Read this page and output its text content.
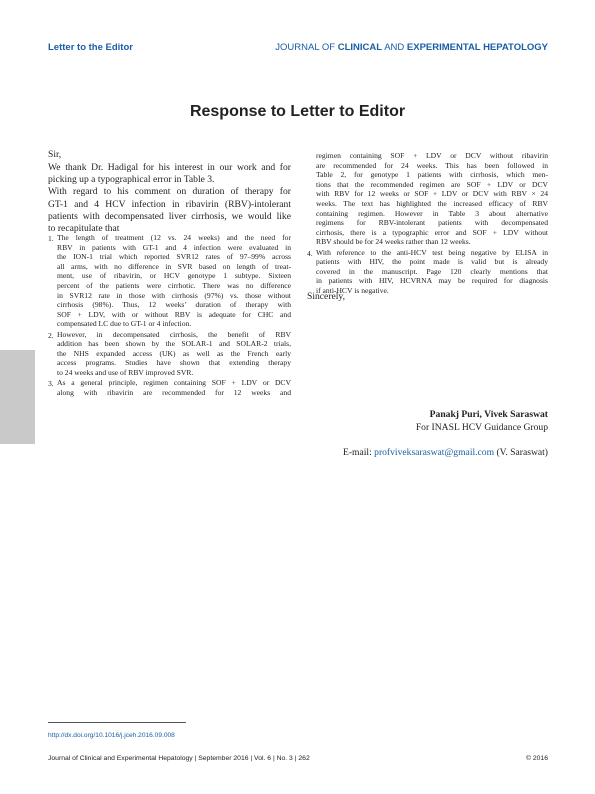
Letter to the Editor	JOURNAL OF CLINICAL AND EXPERIMENTAL HEPATOLOGY
Response to Letter to Editor
Sir,
We thank Dr. Hadigal for his interest in our work and for
picking up a typographical error in Table 3.
With regard to his comment on duration of therapy for
GT-1 and 4 HCV infection in ribavirin (RBV)-intolerant
patients with decompensated liver cirrhosis, we would like
to recapitulate that
1. The length of treatment (12 vs. 24 weeks) and the need for
RBV in patients with GT-1 and 4 infection were evaluated in
the ION-1 trial which reported SVR12 rates of 97–99% across
all arms, with no difference in SVR based on length of treat-
ment, use of ribavirin, or HCV genotype 1 subtype. Sixteen
percent of the patients were cirrhotic. There was no difference
in SVR12 rate in those with cirrhosis (97%) vs. those without
cirrhosis (98%). Thus, 12 weeks’ duration of therapy with
SOF + LDV, with or without RBV is adequate for CHC and
compensated LC due to GT-1 or 4 infection.
2. However, in decompensated cirrhosis, the benefit of RBV
addition has been shown by the SOLAR-1 and SOLAR-2 trials,
the NHS expanded access (UK) as well as the French early
access programs. Studies have shown that extending therapy
to 24 weeks and use of RBV improved SVR.
3. As a general principle, regimen containing SOF + LDV or DCV
along with ribavirin are recommended for 12 weeks and
regimen containing SOF + LDV or DCV without ribavirin
are recommended for 24 weeks. This has been followed in
Table 2, for genotype 1 patients with cirrhosis, which men-
tions that the recommended regimen are SOF + LDV or DCV
with RBV for 12 weeks or SOF + LDV or DCV with RBV × 24
weeks. The text has highlighted the increased efficacy of RBV
containing regimen. However in Table 3 about alternative
regimens for RBV-intolerant patients with decompensated
cirrhosis, there is a typographic error and SOF + LDV without
RBV should be for 24 weeks rather than 12 weeks.
4. With reference to the anti-HCV test being negative by ELISA in
patients with HIV, the point made is valid but is already
covered in the manuscript. Page 120 clearly mentions that
in patients with HIV, HCVRNA may be required for diagnosis
if anti-HCV is negative.
Sincerely,
Panakj Puri, Vivek Saraswat
For INASL HCV Guidance Group
E-mail: profviveksaraswat@gmail.com (V. Saraswat)
http://dx.doi.org/10.1016/j.jceh.2016.09.008
Journal of Clinical and Experimental Hepatology | September 2016 | Vol. 6 | No. 3 | 262	© 2016
